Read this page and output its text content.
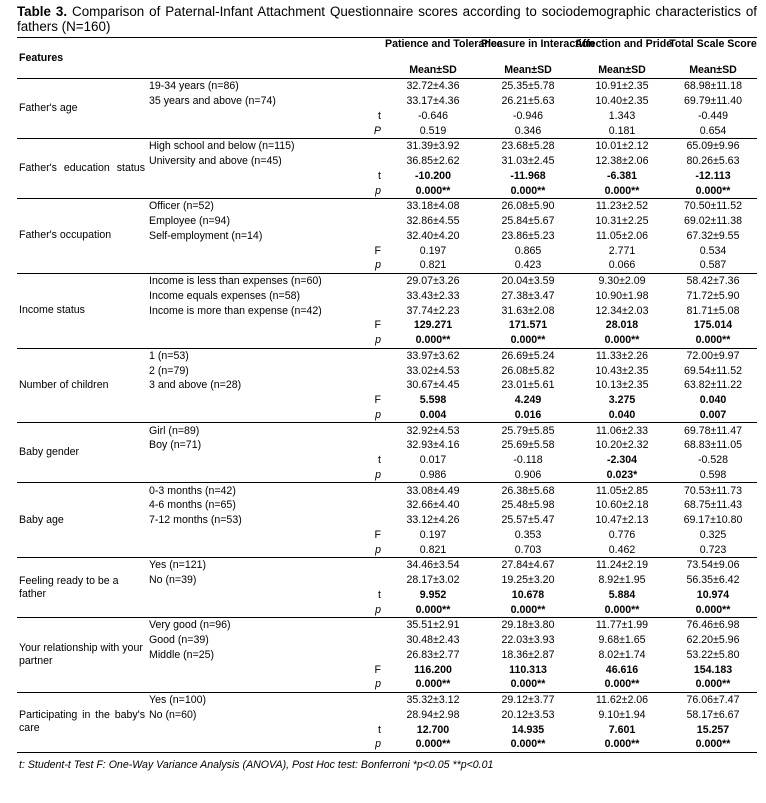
Table 3. Comparison of Paternal-Infant Attachment Questionnaire scores according to sociodemographic characteristics of fathers (N=160)
Features		Patience and Tolerance	Pleasure in Interaction	Affection and Pride	Total Scale Score
		Mean±SD	Mean±SD	Mean±SD	Mean±SD
Father's age	19-34 years (n=86)	32.72±4.36	25.35±5.78	10.91±2.35	68.98±11.18
	35 years and above (n=74)	33.17±4.36	26.21±5.63	10.40±2.35	69.79±11.40
	t	-0.646	-0.946	1.343	-0.449
	P	0.519	0.346	0.181	0.654

Father's education status	High school and below (n=115)	31.39±3.92	23.68±5.28	10.01±2.12	65.09±9.96
	University and above (n=45)	36.85±2.62	31.03±2.45	12.38±2.06	80.26±5.63
	t	-10.200	-11.968	-6.381	-12.113
	p	0.000**	0.000**	0.000**	0.000**
Father's occupation	Officer (n=52)	33.18±4.08	26.08±5.90	11.23±2.52	70.50±11.52
	Employee (n=94)	32.86±4.55	25.84±5.67	10.31±2.25	69.02±11.38
	Self-employment (n=14)	32.40±4.20	23.86±5.23	11.05±2.06	67.32±9.55
	F	0.197	0.865	2.771	0.534
	p	0.821	0.423	0.066	0.587
Income status	Income is less than expenses (n=60)	29.07±3.26	20.04±3.59	9.30±2.09	58.42±7.36
	Income equals expenses (n=58)	33.43±2.33	27.38±3.47	10.90±1.98	71.72±5.90
	Income is more than expense (n=42)	37.74±2.23	31.63±2.08	12.34±2.03	81.71±5.08
	F	129.271	171.571	28.018	175.014
	p	0.000**	0.000**	0.000**	0.000**
Number of children	1 (n=53)	33.97±3.62	26.69±5.24	11.33±2.26	72.00±9.97
	2 (n=79)	33.02±4.53	26.08±5.82	10.43±2.35	69.54±11.52
	3 and above (n=28)	30.67±4.45	23.01±5.61	10.13±2.35	63.82±11.22
	F	5.598	4.249	3.275	0.040
	p	0.004	0.016	0.040	0.007
Baby gender	Girl (n=89)	32.92±4.53	25.79±5.85	11.06±2.33	69.78±11.47
	Boy (n=71)	32.93±4.16	25.69±5.58	10.20±2.32	68.83±11.05
	t	0.017	-0.118	-2.304	-0.528
	p	0.986	0.906	0.023*	0.598
Baby age	0-3 months (n=42)	33.08±4.49	26.38±5.68	11.05±2.85	70.53±11.73
	4-6 months (n=65)	32.66±4.40	25.48±5.98	10.60±2.18	68.75±11.43
	7-12 months (n=53)	33.12±4.26	25.57±5.47	10.47±2.13	69.17±10.80
	F	0.197	0.353	0.776	0.325
	p	0.821	0.703	0.462	0.723
Feeling ready to be a father	Yes (n=121)	34.46±3.54	27.84±4.67	11.24±2.19	73.54±9.06
	No (n=39)	28.17±3.02	19.25±3.20	8.92±1.95	56.35±6.42
	t	9.952	10.678	5.884	10.974
	p	0.000**	0.000**	0.000**	0.000**
Your relationship with your partner	Very good (n=96)	35.51±2.91	29.18±3.80	11.77±1.99	76.46±6.98
	Good (n=39)	30.48±2.43	22.03±3.93	9.68±1.65	62.20±5.96
	Middle (n=25)	26.83±2.77	18.36±2.87	8.02±1.74	53.22±5.80
	F	116.200	110.313	46.616	154.183
	p	0.000**	0.000**	0.000**	0.000**

Participating in the baby's care	Yes (n=100)	35.32±3.12	29.12±3.77	11.62±2.06	76.06±7.47
	No (n=60)	28.94±2.98	20.12±3.53	9.10±1.94	58.17±6.67
	t	12.700	14.935	7.601	15.257
	p	0.000**	0.000**	0.000**	0.000**
t: Student-t Test F: One-Way Variance Analysis (ANOVA), Post Hoc test: Bonferroni *p<0.05 **p<0.01
